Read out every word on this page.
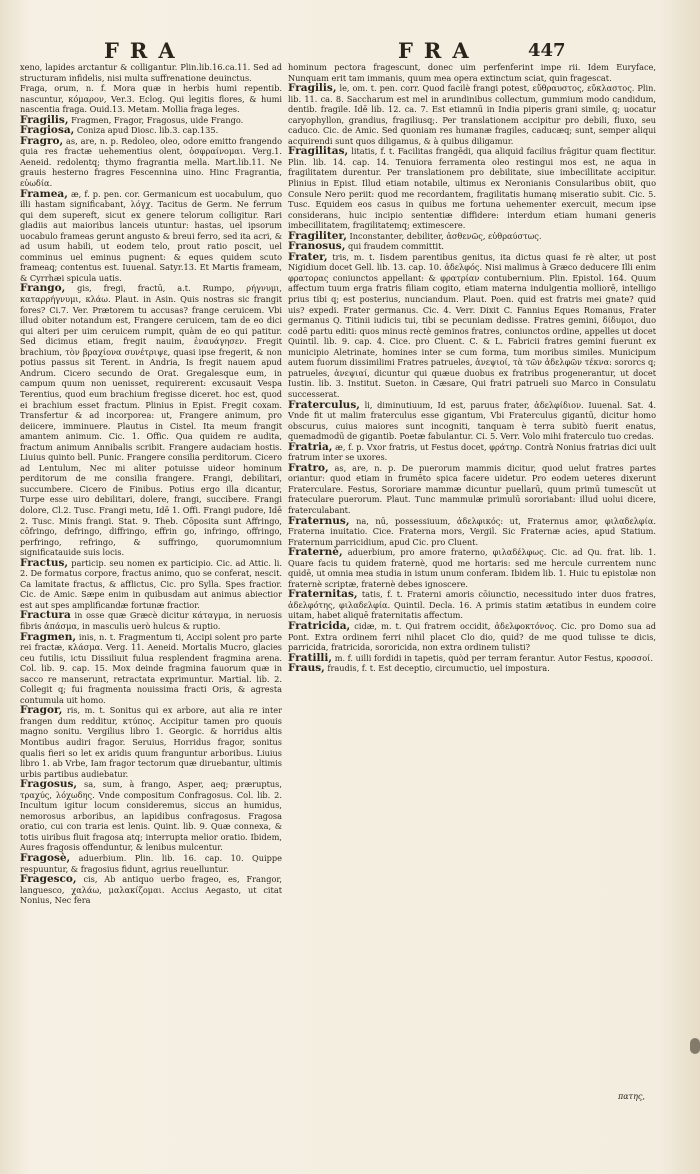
FRA	FRA	447

xeno, lapides arctantur & colligantur. Plin.lib.16.ca.11. Sed ad structuram infidelis, nisi multa suffrenatione deuinctus.

Fraga, orum, n. f. Mora quæ in herbis humi repentib. nascuntur, κόμαρον, Ver.3. Eclog. Qui legitis flores, & humi nascentia fraga. Ouid.13. Metam. Mollia fraga leges.

Fragilis, Fragmen, Fragor, Fragosus, uide Frango.

Fragiosa, Coniza apud Diosc. lib.3. cap.135.

Fragro, as, are, n. p. Redoleo, oleo, odore emitto frangendo quia res fractæ uehementius olent, ὀσφραίνομαι. Verg.1. Aeneid. redolentq; thymo fragrantia mella. Mart.lib.11. Ne grauis hesterno fragres Fescennina uino. Hinc Fragrantia, εὐωδία.

Framea, æ, f. p. pen. cor. Germanicum est uocabulum, quo illi hastam significabant, λόγχ. Tacitus de Germ. Ne ferrum qui dem supereft, sicut ex genere telorum colligitur. Rari gladiis aut maioribus lanceis utuntur: hastas, uel ipsorum uocabulo frameas gerunt angusto & breui ferro, sed ita acri, & ad usum habili, ut eodem telo, prout ratio poscit, uel comminus uel eminus pugnent: & eques quidem scuto frameaq; contentus est. Iuuenal. Satyr.13. Et Martis frameam, & Cyrrhæi spicula uatis.

Frango, gis, fregi, fractū, a.t. Rumpo, ρήγνυμι, καταρρήγνυμι, κλάω. Plaut. in Asin. Quis nostras sic frangit fores? Ci.7. Ver. Prætorem tu accusas? frange ceruicem. Vbi illud obiter notandum est, Frangere ceruicem, tam de eo dici qui alteri per uim ceruicem rumpit, quàm de eo qui patitur. Sed dicimus etiam, fregit nauim, ἐναυάγησεν. Fregit brachium, τὸν βραχίονα συνέτριψε, quasi ipse fregerit, & non potius passus sit Terent. in Andria, Is fregit nauem apud Andrum. Cicero secundo de Orat. Gregalesque eum, in campum quum non uenisset, requirerent: excusauit Vespa Terentius, quod eum brachium fregisse diceret. hoc est, quod ei brachium esset fractum. Plinius in Epist. Fregit coxam. Transfertur & ad incorporea: ut, Frangere animum, pro deiicere, imminuere. Plautus in Cistel. Ita meum frangit amantem animum. Cic. 1. Offic. Qua quidem re audita, fractum animum Annibalis scribit. Frangere audaciam hostis. Liuius quinto bell. Punic. Frangere consilia perditorum. Cicero ad Lentulum, Nec mi aliter potuisse uideor hominum perditorum de me consilia frangere. Frangi, debilitari, succumbere. Cicero de Finibus. Potius ergo illa dicantur, Turpe esse uiro debilitari, dolere, frangi, succibere. Frangi dolore, Cl.2. Tusc. Frangi metu, Idē 1. Offi. Frangi pudore, Idē 2. Tusc. Minis frangi. Stat. 9. Theb. Cōposita sunt Affringo, cōfringo, defringo, diffringo, effrin go, infringo, offringo, perfringo, refringo, & suffringo, quorumomnium significatauide suis locis.

Fractus, particip. seu nomen ex participio. Cic. ad Attic. li. 2. De formatus corpore, fractus animo, quo se conferat, nescit. Ca lamitate fractus, & afflictus, Cic. pro Sylla. Spes fractior. Cic. de Amic. Sæpe enim in quibusdam aut animus abiectior est aut spes amplificandæ fortunæ fractior.

Fractura in osse quæ Græcè dicitur κάταγμα, in neruosis fibris ἀπάσμα, in masculis uerò hulcus & ruptio.

Fragmen, inis, n. t. Fragmentum ti, Accipi solent pro parte rei fractæ, κλάσμα. Verg. 11. Aeneid. Mortalis Mucro, glacies ceu futilis, ictu Dissiliuit fulua resplendent fragmina arena. Col. lib. 9. cap. 15. Mox deinde fragmina fauorum quæ in sacco re manserunt, retractata exprimuntur. Martial. lib. 2. Collegit q; fui fragmenta nouissima fracti Oris, & agresta contumula uit homo.

Fragor, ris, m. t. Sonitus qui ex arbore, aut alia re inter frangen dum redditur, κτύπος. Accipitur tamen pro quouis magno sonitu. Vergilius libro 1. Georgic. & horridus altis Montibus audiri fragor. Seruius, Horridus fragor, sonitus qualis fieri so let ex aridis quum franguntur arboribus. Liuius libro 1. ab Vrbe, Iam fragor tectorum quæ diruebantur, ultimis urbis partibus audiebatur.

Fragosus, sa, sum, à frango, Asper, aeq; præruptus, τραχύς, λόχωδης. Vnde compositum Confragosus. Col. lib. 2. Incultum igitur locum consideremus, siccus an humidus, nemorosus arboribus, an lapidibus confragosus. Fragosa oratio, cui con traria est lenis. Quint. lib. 9. Quæ connexa, & totis uiribus fluit fragosa atq; interrupta melior oratio. Ibidem, Aures fragosis offenduntur, & lenibus mulcentur.

Fragosè, aduerbium. Plin. lib. 16. cap. 10. Quippe respuuntur, & fragosius fidunt, agrius reuelluntur.

Fragesco, cis, Ab antiquo uerbo frageo, es, Frangor, languesco, χαλάω, μαλακίζομαι. Accius Aegasto, ut citat Nonius, Nec fera

hominum pectora fragescunt, donec uim perfenferint impe rii. Idem Euryface, Nunquam erit tam immanis, quum mea opera extinctum sciat, quin fragescat.

Fragilis, le, om. t. pen. corr. Quod facilè frangi potest, εὔθραυστος, εὔκλαστος. Plin. lib. 11. ca. 8. Saccharum est mel in arundinibus collectum, gummium modo candidum, dentib. fragile. Idē lib. 12. ca. 7. Est etiamnū in India piperis grani simile, q; uocatur caryophyllon, grandius, fragiliusq;. Per translationem accipitur pro debili, fluxo, seu caduco. Cic. de Amic. Sed quoniam res humanæ fragiles, caducæq; sunt, semper aliqui acquirendi sunt quos diligamus, & à quibus diligamur.

Fragilitas, litatis, f. t. Facilitas frangēdi, qua aliquid facilius frāgitur quam flectitur. Plin. lib. 14. cap. 14. Tenuiora ferramenta oleo restingui mos est, ne aqua in fragilitatem durentur. Per translationem pro debilitate, siue imbecillitate accipitur. Plinius in Epist. Illud etiam notabile, ultimus ex Neronianis Consularibus obiit, quo Consule Nero periit: quod me recordantem, fragilitatis humanę miseratio subit. Cic. 5. Tusc. Equidem eos casus in quibus me fortuna uehementer exercuit, mecum ipse considerans, huic incipio sententiæ diffidere: interdum etiam humani generis imbecillitatem, fragilitatemq; extimescere.

Fragiliter, Inconstanter, debiliter, ἀσθενῶς, εὐθραύστως.

Franosus, qui fraudem committit.

Frater, tris, m. t. Iisdem parentibus genitus, ita dictus quasi fe rè alter, ut post Nigidium docet Gell. lib. 13. cap. 10. ἀδελφός. Nisi malimus à Græco deducere Illi enim φρατορας coniunctos appellant: & φρατρίαν contubernium. Plin. Epistol. 164. Quum affectum tuum erga fratris filiam cogito, etiam materna indulgentia molliorē, intelligo prius tibi q; est posterius, nunciandum. Plaut. Poen. quid est fratris mei gnate? quid uis? expedi. Frater germanus. Cic. 4. Verr. Dixit C. Fannius Eques Romanus, Frater germanus Q. Titinii iudicis tui, tibi se pecuniam dedisse. Fratres gemini, δίδυμοι, duo codē partu editi: quos minus rectè geminos fratres, coniunctos ordine, appelles ut docet Quintil. lib. 9. cap. 4. Cice. pro Cluent. C. & L. Fabricii fratres gemini fuerunt ex municipio Aletrinate, homines inter se cum forma, tum moribus similes. Municipum autem fuorum dissimilimi Fratres patrueles, ἀνεψιοί, τὰ τῶν ἀδελφῶν τέκνα: sororcs q; patrueles, ἀνεψιαί, dicuntur qui quæue duobus ex fratribus progenerantur, ut docet Iustin. lib. 3. Institut. Sueton. in Cæsare, Qui fratri patrueli suo Marco in Consulatu successerat.

Fraterculus, li, diminutiuum, Id est, paruus frater, ἀδελφίδιον. Iuuenal. Sat. 4. Vnde fit ut malim fraterculus esse gigantum, Vbi Fraterculus gigantū, dicitur homo obscurus, cuius maiores sunt incogniti, tanquam è terra subitò fuerit enatus, quemadmodū de gigantib. Poetæ fabulantur. Ci. 5. Verr. Volo mihi fraterculo tuo credas.

Fratria, æ, f. p. Vxor fratris, ut Festus docet, φράτηρ. Contrà Nonius fratrias dici uult fratrum inter se uxores.

Fratro, as, are, n. p. De puerorum mammis dicitur, quod uelut fratres partes oriantur: quod etiam in frumēto spica facere uidetur. Pro eodem ueteres dixerunt Fraterculare. Festus, Sororiare mammæ dicuntur puellarū, quum primū tumescūt ut frateculare puerorum. Plaut. Tunc mammulæ primulū sororiabant: illud uolui dicere, fraterculabant.

Fraternus, na, nū, possessiuum, ἀδελφικός: ut, Fraternus amor, φιλαδελφία. Fraterna inuitatio. Cice. Fraterna mors, Vergil. Sic Fraternæ acies, apud Statium. Fraternum parricidium, apud Cic. pro Cluent.

Fraternè, aduerbium, pro amore fraterno, φιλαδέλφως. Cic. ad Qu. frat. lib. 1. Quare facis tu quidem fraternè, quod me hortaris: sed me hercule currentem nunc quidē, ut omnia mea studia in istum unum conferam. Ibidem lib. 1. Huic tu epistolæ non fraternè scriptæ, fraternè debes ignoscere.

Fraternitas, tatis, f. t. Fraterni amoris cōiunctio, necessitudo inter duos fratres, ἀδελφότης, φιλαδελφία. Quintil. Decla. 16. A primis statim ætatibus in eundem coire uitam, habet aliquē fraternitatis affectum.

Fratricida, cidæ, m. t. Qui fratrem occidit, ἀδελφοκτόνος. Cic. pro Domo sua ad Pont. Extra ordinem ferri nihil placet Clo dio, quid? de me quod tulisse te dicis, parricida, fratricida, sororicida, non extra ordinem tulisti?

Fratilli, m. f. uilli fordidi in tapetis, quòd per terram ferantur. Autor Festus, κροσσοί.

Fraus, fraudis, f. t. Est deceptio, circumuctio, uel impostura.

πατης,
